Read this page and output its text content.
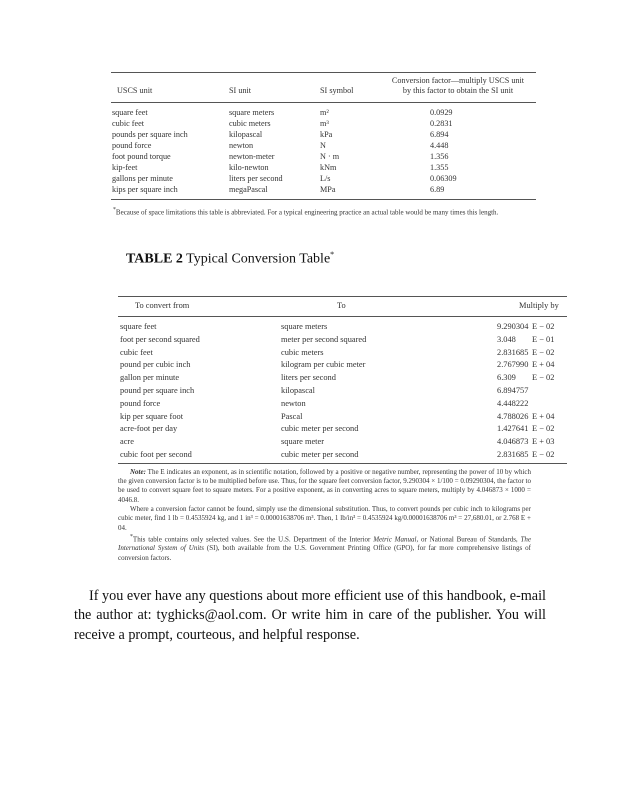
USCS unit	SI unit	SI symbol	Conversion factor—multiply USCS unit
by this factor to obtain the SI unit
square feet	square meters	m²	0.0929
cubic feet	cubic meters	m³	0.2831
pounds per square inch	kilopascal	kPa	6.894
pound force	newton	N	4.448
foot pound torque	newton-meter	N · m	1.356
kip-feet	kilo-newton	kNm	1.355
gallons per minute	liters per second	L/s	0.06309
kips per square inch	megaPascal	MPa	6.89
*Because of space limitations this table is abbreviated. For a typical engineering practice an actual table would be many times this length.
TABLE 2 Typical Conversion Table*
To convert from	To	Multiply by	
square feet	square meters	9.290304	E − 02
foot per second squared	meter per second squared	3.048	E − 01
cubic feet	cubic meters	2.831685	E − 02
pound per cubic inch	kilogram per cubic meter	2.767990	E + 04
gallon per minute	liters per second	6.309	E − 02
pound per square inch	kilopascal	6.894757	
pound force	newton	4.448222	
kip per square foot	Pascal	4.788026	E + 04
acre-foot per day	cubic meter per second	1.427641	E − 02
acre	square meter	4.046873	E + 03
cubic foot per second	cubic meter per second	2.831685	E − 02

Note: The E indicates an exponent, as in scientific notation, followed by a positive or negative number, representing the power of 10 by which the given conversion factor is to be multiplied before use. Thus, for the square feet conversion factor, 9.290304 × 1/100 = 0.09290304, the factor to be used to convert square feet to square meters. For a positive exponent, as in converting acres to square meters, multiply by 4.046873 × 1000 = 4046.8.

Where a conversion factor cannot be found, simply use the dimensional substitution. Thus, to convert pounds per cubic inch to kilograms per cubic meter, find 1 lb = 0.4535924 kg, and 1 in³ = 0.00001638706 m³. Then, 1 lb/in³ = 0.4535924 kg/0.00001638706 m³ = 27,680.01, or 2.768 E + 04.

*This table contains only selected values. See the U.S. Department of the Interior Metric Manual, or National Bureau of Standards, The International System of Units (SI), both available from the U.S. Government Printing Office (GPO), for far more comprehensive listings of conversion factors.

If you ever have any questions about more efficient use of this handbook, e-mail the author at: tyghicks@aol.com. Or write him in care of the publisher. You will receive a prompt, courteous, and helpful response.
